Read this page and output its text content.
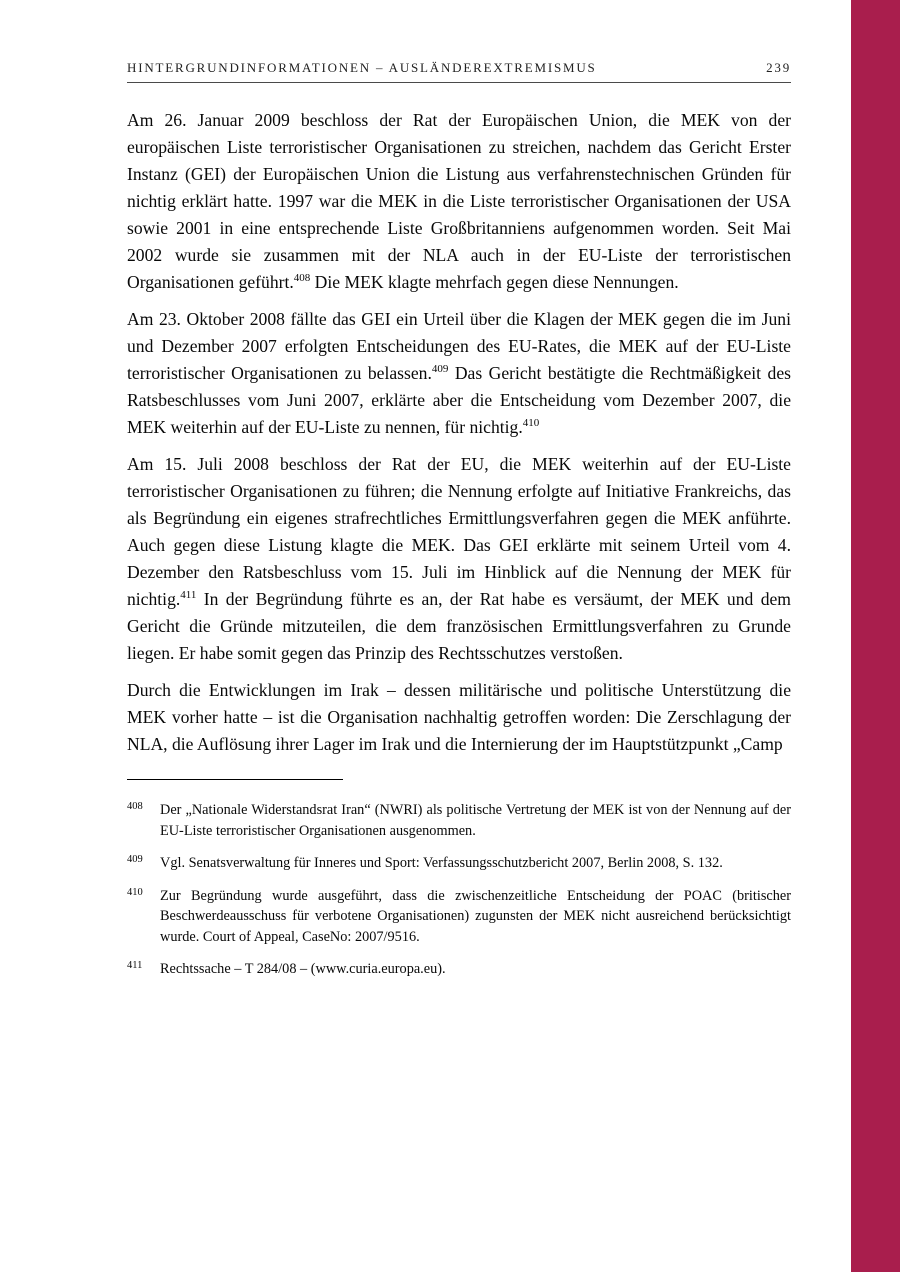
HINTERGRUNDINFORMATIONEN – AUSLÄNDEREXTREMISMUS	239

Am 26. Januar 2009 beschloss der Rat der Europäischen Union, die MEK von der europäischen Liste terroristischer Organisationen zu streichen, nachdem das Gericht Erster Instanz (GEI) der Europäischen Union die Listung aus verfahrenstechnischen Gründen für nichtig erklärt hatte. 1997 war die MEK in die Liste terroristischer Organisationen der USA sowie 2001 in eine entsprechende Liste Großbritanniens aufgenommen worden. Seit Mai 2002 wurde sie zusammen mit der NLA auch in der EU-Liste der terroristischen Organisationen geführt.$^{408}$ Die MEK klagte mehrfach gegen diese Nennungen.

Am 23. Oktober 2008 fällte das GEI ein Urteil über die Klagen der MEK gegen die im Juni und Dezember 2007 erfolgten Entscheidungen des EU-Rates, die MEK auf der EU-Liste terroristischer Organisationen zu belassen.$^{409}$ Das Gericht bestätigte die Rechtmäßigkeit des Ratsbeschlusses vom Juni 2007, erklärte aber die Entscheidung vom Dezember 2007, die MEK weiterhin auf der EU-Liste zu nennen, für nichtig.$^{410}$

Am 15. Juli 2008 beschloss der Rat der EU, die MEK weiterhin auf der EU-Liste terroristischer Organisationen zu führen; die Nennung erfolgte auf Initiative Frankreichs, das als Begründung ein eigenes strafrechtliches Ermittlungsverfahren gegen die MEK anführte. Auch gegen diese Listung klagte die MEK. Das GEI erklärte mit seinem Urteil vom 4. Dezember den Ratsbeschluss vom 15. Juli im Hinblick auf die Nennung der MEK für nichtig.$^{411}$ In der Begründung führte es an, der Rat habe es versäumt, der MEK und dem Gericht die Gründe mitzuteilen, die dem französischen Ermittlungsverfahren zu Grunde liegen. Er habe somit gegen das Prinzip des Rechtsschutzes verstoßen.

Durch die Entwicklungen im Irak – dessen militärische und politische Unterstützung die MEK vorher hatte – ist die Organisation nachhaltig getroffen worden: Die Zerschlagung der NLA, die Auflösung ihrer Lager im Irak und die Internierung der im Hauptstützpunkt „Camp

408 Der „Nationale Widerstandsrat Iran“ (NWRI) als politische Vertretung der MEK ist von der Nennung auf der EU-Liste terroristischer Organisationen ausgenommen.
409 Vgl. Senatsverwaltung für Inneres und Sport: Verfassungsschutzbericht 2007, Berlin 2008, S. 132.
410 Zur Begründung wurde ausgeführt, dass die zwischenzeitliche Entscheidung der POAC (britischer Beschwerdeausschuss für verbotene Organisationen) zugunsten der MEK nicht ausreichend berücksichtigt wurde. Court of Appeal, CaseNo: 2007/9516.
411 Rechtssache – T 284/08 – (www.curia.europa.eu).
